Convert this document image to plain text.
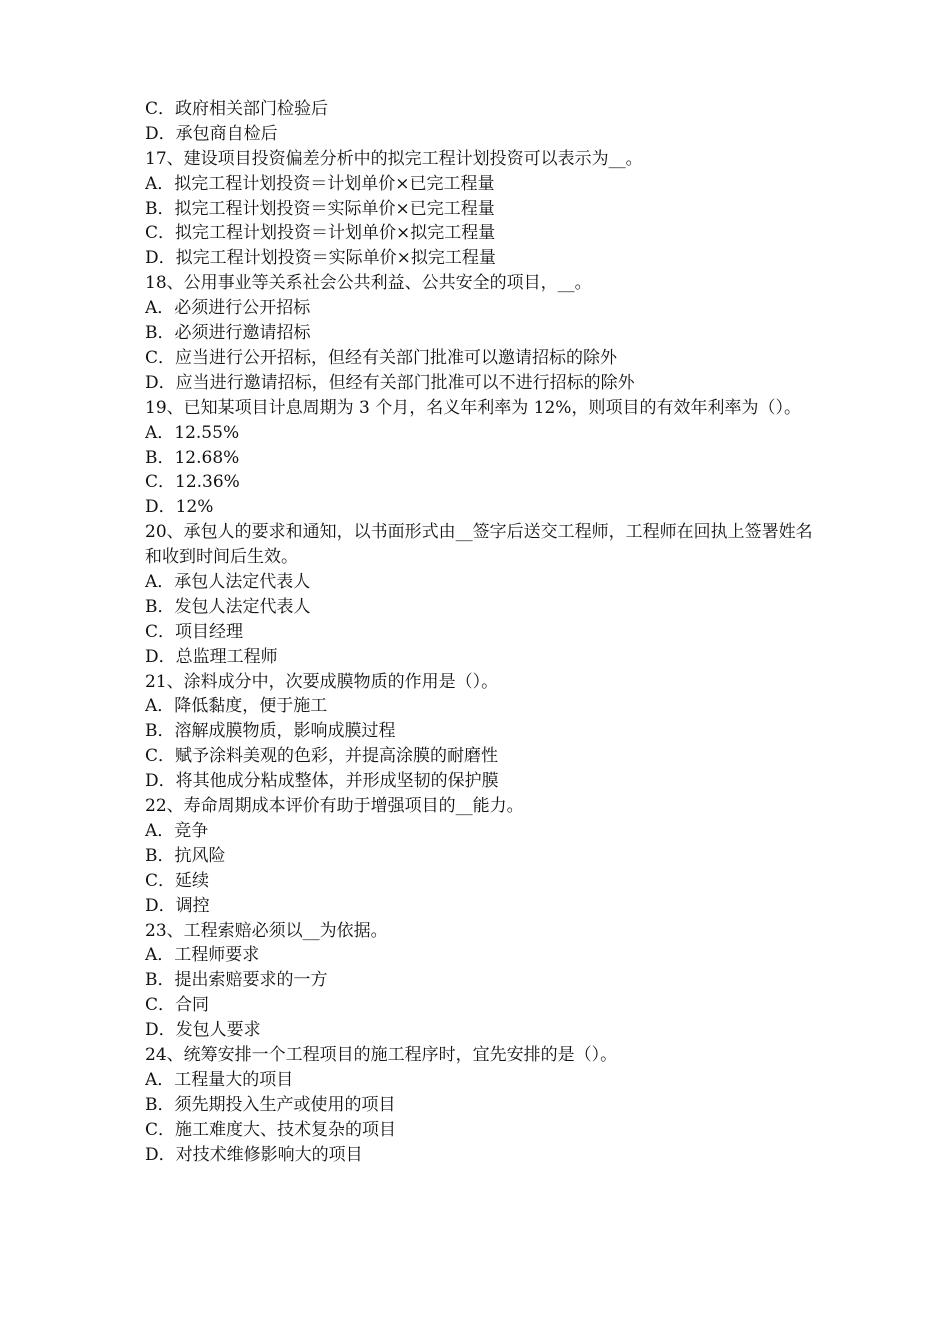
C．政府相关部门检验后
D．承包商自检后
17、建设项目投资偏差分析中的拟完工程计划投资可以表示为__。
A．拟完工程计划投资＝计划单价×已完工程量
B．拟完工程计划投资＝实际单价×已完工程量
C．拟完工程计划投资＝计划单价×拟完工程量
D．拟完工程计划投资＝实际单价×拟完工程量
18、公用事业等关系社会公共利益、公共安全的项目，__。
A．必须进行公开招标
B．必须进行邀请招标
C．应当进行公开招标，但经有关部门批准可以邀请招标的除外
D．应当进行邀请招标，但经有关部门批准可以不进行招标的除外
19、已知某项目计息周期为 3 个月，名义年利率为 12%，则项目的有效年利率为（）。
A．12.55%
B．12.68%
C．12.36%
D．12%
20、承包人的要求和通知，以书面形式由__签字后送交工程师，工程师在回执上签署姓名和收到时间后生效。
A．承包人法定代表人
B．发包人法定代表人
C．项目经理
D．总监理工程师
21、涂料成分中，次要成膜物质的作用是（）。
A．降低黏度，便于施工
B．溶解成膜物质，影响成膜过程
C．赋予涂料美观的色彩，并提高涂膜的耐磨性
D．将其他成分粘成整体，并形成坚韧的保护膜
22、寿命周期成本评价有助于增强项目的__能力。
A．竞争
B．抗风险
C．延续
D．调控
23、工程索赔必须以__为依据。
A．工程师要求
B．提出索赔要求的一方
C．合同
D．发包人要求
24、统筹安排一个工程项目的施工程序时，宜先安排的是（）。
A．工程量大的项目
B．须先期投入生产或使用的项目
C．施工难度大、技术复杂的项目
D．对技术维修影响大的项目
